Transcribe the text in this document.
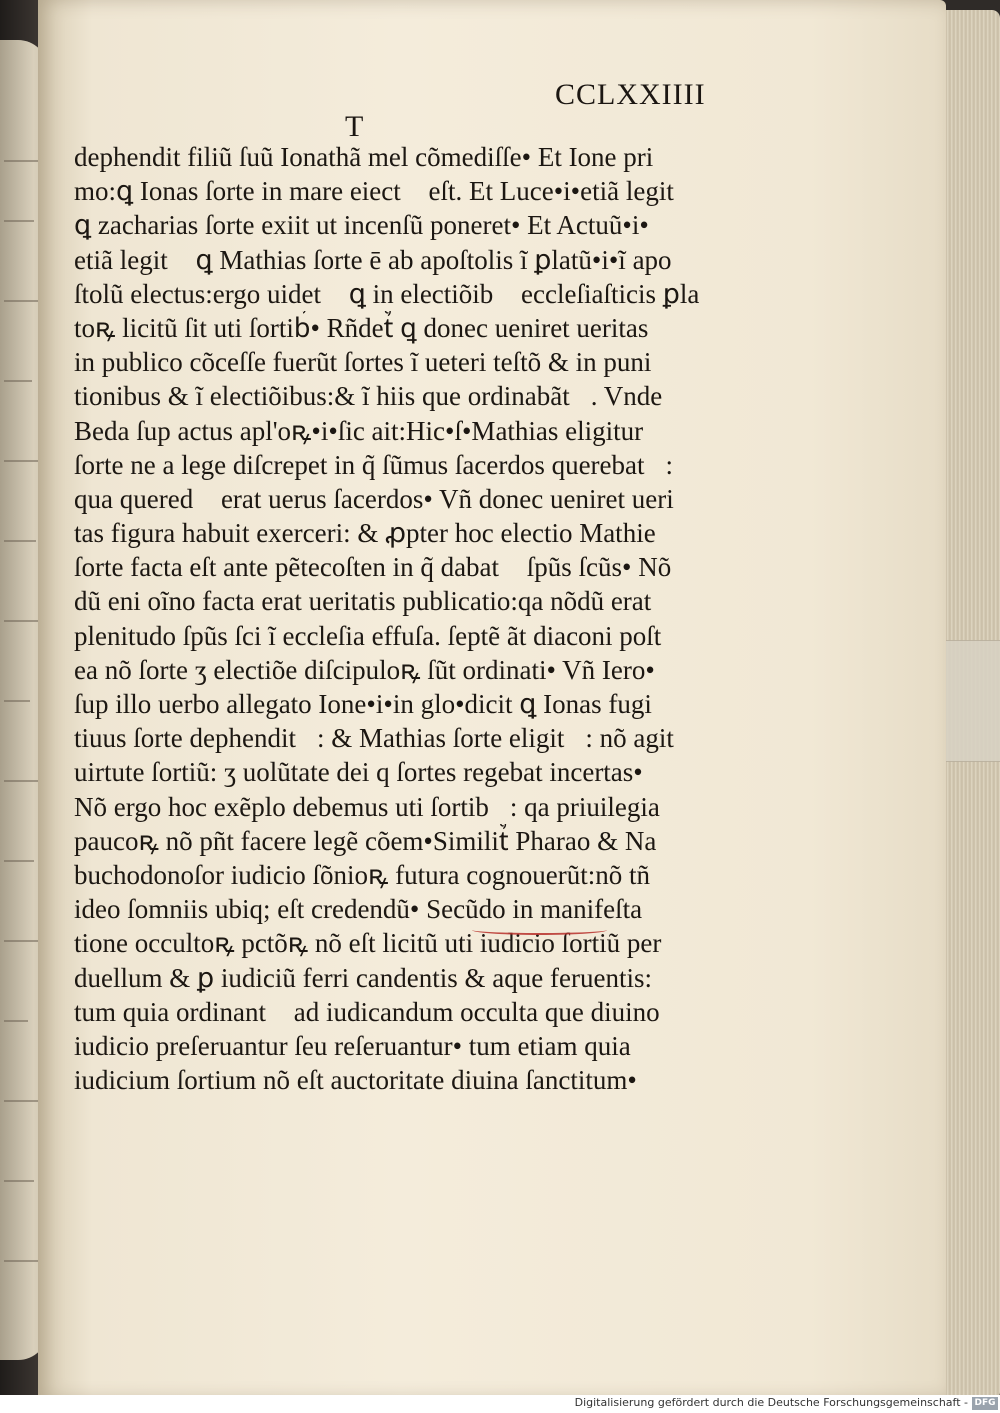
CCLXXIIII
T
dephendit filiũ ſuũ Ionathã mel cõmediſſe• Et Ione pri
mo:ꝗ Ionas ſorte in mare eiect᷒ eſt. Et Luce•i•etiã legit᷒
ꝗ zacharias ſorte exiit ut incenſũ poneret• Et Actuũ•i•
etiã legit᷒ ꝗ Mathias ſorte ē ab apoſtolis ĩ ꝑlatũ•i•ĩ apo
ſtolũ electus:ergo uidet᷒ ꝗ in electiõib᷒ eccleſiaſticis ꝑla
toꝶ licitũ ſit uti ſortib᷒• Rñdet᷒ ꝗ donec ueniret ueritas
in publico cõceſſe fuerũt ſortes ĩ ueteri teſtõ & in puni
tionibus & ĩ electiõibus:& ĩ hiis que ordinabãt᷒. Vnde
Beda ſup actus apl'oꝶ•i•ſic ait:Hic•ſ•Mathias eligitur
ſorte ne a lege diſcrepet in q̃ ſũmus ſacerdos querebat᷒:
qua quered᷒ erat uerus ſacerdos• Vñ donec ueniret ueri
tas figura habuit exerceri: & ꝓpter hoc electio Mathie
ſorte facta eſt ante pẽtecoſten in q̃ dabat᷒ ſpũs ſcũs• Nõ
dũ eni oĩno facta erat ueritatis publicatio:qa nõdũ erat
plenitudo ſpũs ſci ĩ eccleſia effuſa. ſeptẽ ãt diaconi poſt
ea nõ ſorte ʒ electiõe diſcipuloꝶ ſũt ordinati• Vñ Iero•
ſup illo uerbo allegato Ione•i•in glo•dicit ꝗ Ionas fugi
tiuus ſorte dephendit᷒: & Mathias ſorte eligit᷒: nõ agit᷒
uirtute ſortiũ: ʒ uolũtate dei q ſortes regebat incertas•
Nõ ergo hoc exẽplo debemus uti ſortib᷒: qa priuilegia
paucoꝶ nõ pñt facere legẽ cõem•Similit᷒ Pharao & Na
buchodonoſor iudicio ſõnioꝶ futura cognouerũt:nõ tñ
ideo ſomniis ubiq; eſt credendũ• Secũdo in manifeſta᷒
tione occultoꝶ pctõꝶ nõ eſt licitũ uti iudicio ſortiũ per
duellum & ꝑ iudiciũ ferri candentis & aque feruentis:
tum quia ordinant᷒ ad iudicandum occulta que diuino
iudicio preſeruantur ſeu reſeruantur• tum etiam quia
iudicium ſortium nõ eſt auctoritate diuina ſanctitum•
Digitalisierung gefördert durch die Deutsche Forschungsgemeinschaft - DFG
